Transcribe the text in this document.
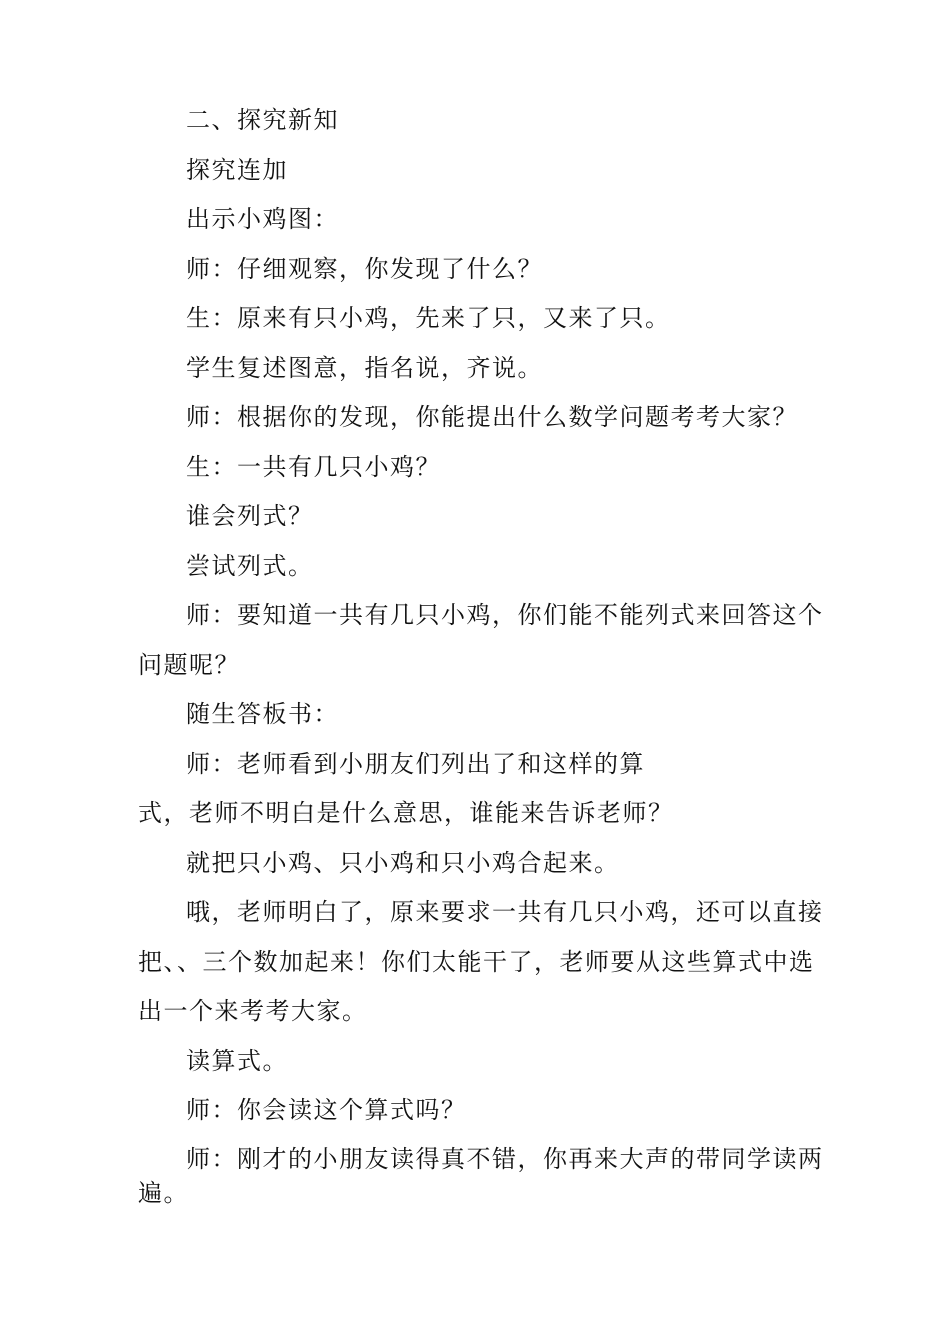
二、探究新知

探究连加

出示小鸡图：

师：仔细观察，你发现了什么？

生：原来有只小鸡，先来了只，又来了只。

学生复述图意，指名说，齐说。

师：根据你的发现，你能提出什么数学问题考考大家？

生：一共有几只小鸡？

谁会列式？

尝试列式。

师：要知道一共有几只小鸡，你们能不能列式来回答这个问题呢？

随生答板书：

师：老师看到小朋友们列出了和这样的算

式，老师不明白是什么意思，谁能来告诉老师？

就把只小鸡、只小鸡和只小鸡合起来。

哦，老师明白了，原来要求一共有几只小鸡，还可以直接把、、三个数加起来！你们太能干了，老师要从这些算式中选出一个来考考大家。

读算式。

师：你会读这个算式吗？

师：刚才的小朋友读得真不错，你再来大声的带同学读两遍。
